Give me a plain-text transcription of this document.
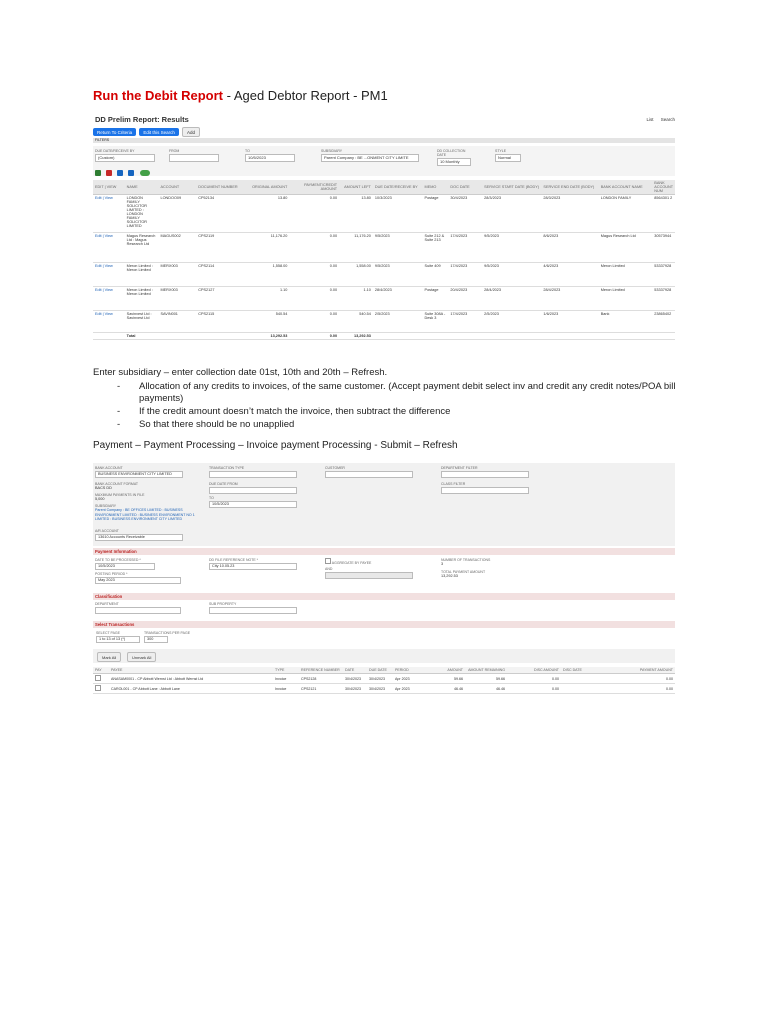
Run the Debit Report - Aged Debtor Report - PM1
DD Prelim Report: Results	List Search
Return To Criteria Edit this Search	Add
FILTERS
DUE DATE/RECEIVE BY
(Custom)
FROM	TO
10/5/2023
SUBSIDIARY
Parent Company : BE ...ONMENT CITY LIMITE
DD COLLECTION DATE
10 Monthly
STYLE
Normal

EDIT | VIEW	NAME	ACCOUNT	DOCUMENT NUMBER	ORIGINAL AMOUNT	PAYMENT/CREDIT AMOUNT	AMOUNT LEFT	DUE DATE/RECEIVE BY	MEMO	DOC DATE	SERVICE START DATE (BODY)	SERVICE END DATE (BODY)	BANK ACCOUNT NAME	BANK ACCOUNT NUM
Edit | View	LONDON FAMILY SOLICITOR LIMITED : LONDON FAMILY SOLICITOR LIMITED	LONDOO09	CP52134	13.80	0.00	13.80	10/3/2023	Postage	30/4/2023	28/3/2023	28/3/2023	LONDON FAMILY	8564301 2
Edit | View	Magus Research Ltd : Magus Research Ltd	MAGUS002	CPS2119	11,176.20	0.00	11,176.20	9/5/2023	Suite 212 & Suite 213	17/4/2023	9/5/2023	8/6/2023	Magus Research Ltd	30573944
Edit | View	Meron Limited : Meron Limited	MERX003	CPS2114	1,558.00	0.00	1,558.00	9/5/2023	Suite 409	17/4/2023	9/5/2023	4/6/2023	Meron Limited	53337928
Edit | View	Meron Limited : Meron Limited	MERX003	CPS2127	1.10	0.00	1.10	28/4/2023	Postage	20/4/2023	28/4/2023	28/4/2023	Meron Limited	53337928
Edit | View	Savinvest Ltd : Savinvest Ltd	SAVIN001	CPS2115	540.54	0.00	540.54	2/5/2023	Suite 308A - Desk 3	17/4/2023	2/5/2023	1/6/2023	Bank	23865402
	Total			13,292.53	0.00	13,292.53							
Enter subsidiary – enter collection date 01st, 10th and 20th – Refresh.
- Allocation of any credits to invoices, of the same customer. (Accept payment debit select inv and credit any credit notes/POA bill payments)
- If the credit amount doesn’t match the invoice, then subtract the difference
- So that there should be no unapplied
Payment – Payment Processing – Invoice payment Processing - Submit – Refresh
BANK ACCOUNT
BUSINESS ENVIRONMENT CITY LIMITED
BANK ACCOUNT FORMAT
BACS DD
MAXIMUM PAYMENTS IN FILE
5,000
SUBSIDIARY
Parent Company : BE OFFICES LIMITED : BUSINESS ENVIRONMENT LIMITED : BUSINESS ENVIRONMENT NO 1 LIMITED : BUSINESS ENVIRONMENT CITY LIMITED
A/R ACCOUNT
13610 Accounts Receivable
TRANSACTION TYPE
DUE DATE FROM
TO
10/5/2023
CUSTOMER	DEPARTMENT FILTER
CLASS FILTER
Payment Information
DATE TO BE PROCESSED *
10/5/2023
POSTING PERIOD *
May 2023
DD FILE REFERENCE NOTE *
City 10.05.23
AGGREGATE BY PAYEE
AND
NUMBER OF TRANSACTIONS
3
TOTAL PAYMENT AMOUNT
13,292.53
Classification
DEPARTMENT	SUB PROPERTY
Select Transactions
SELECT PAGE
1 to 13 of 13 (*)
TRANSACTIONS PER PAGE
300
Mark All	Unmark All
PAY	PAYEE	TYPE	REFERENCE NUMBER	DATE	DUE DATE	PERIOD	AMOUNT	AMOUNT REMAINING	DISC AMOUNT	DISC DATE	PAYMENT AMOUNT
	ANASAM0001 - CP Abbott Wernst Ltd : Abbott Wernst Ltd	Invoice	CPS2128	30/4/2023	30/4/2023	Apr 2023	59.66	59.66	0.00		0.00
	CAROL001 - CP Abbott Lane : Abbott Lane	Invoice	CPS2121	30/4/2023	30/4/2023	Apr 2023	46.46	46.46	0.00		0.00
